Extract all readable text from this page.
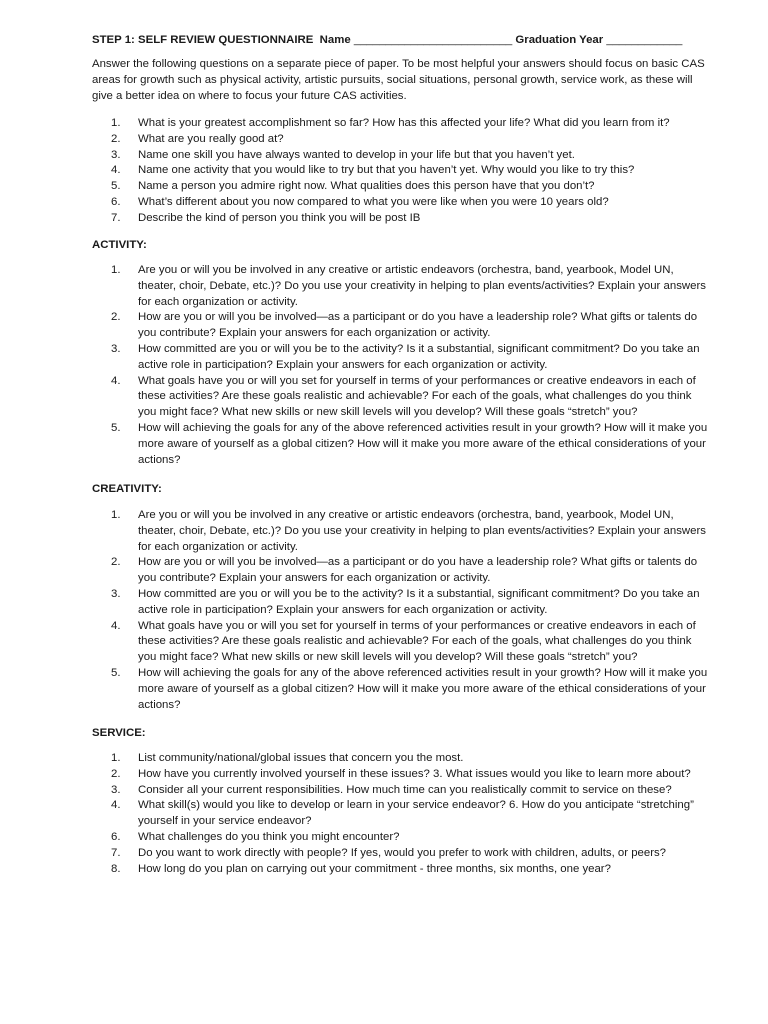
STEP 1: SELF REVIEW QUESTIONNAIRE Name _________________________ Graduation Year ____________
Answer the following questions on a separate piece of paper. To be most helpful your answers should focus on basic CAS areas for growth such as physical activity, artistic pursuits, social situations, personal growth, service work, as these will give a better idea on where to focus your future CAS activities.
1. What is your greatest accomplishment so far? How has this affected your life? What did you learn from it?
2. What are you really good at?
3. Name one skill you have always wanted to develop in your life but that you haven’t yet.
4. Name one activity that you would like to try but that you haven’t yet. Why would you like to try this?
5. Name a person you admire right now. What qualities does this person have that you don’t?
6. What’s different about you now compared to what you were like when you were 10 years old?
7. Describe the kind of person you think you will be post IB
ACTIVITY:
1. Are you or will you be involved in any creative or artistic endeavors (orchestra, band, yearbook, Model UN, theater, choir, Debate, etc.)? Do you use your creativity in helping to plan events/activities? Explain your answers for each organization or activity.
2. How are you or will you be involved—as a participant or do you have a leadership role? What gifts or talents do you contribute? Explain your answers for each organization or activity.
3. How committed are you or will you be to the activity? Is it a substantial, significant commitment? Do you take an active role in participation? Explain your answers for each organization or activity.
4. What goals have you or will you set for yourself in terms of your performances or creative endeavors in each of these activities? Are these goals realistic and achievable? For each of the goals, what challenges do you think you might face? What new skills or new skill levels will you develop? Will these goals “stretch” you?
5. How will achieving the goals for any of the above referenced activities result in your growth? How will it make you more aware of yourself as a global citizen? How will it make you more aware of the ethical considerations of your actions?
CREATIVITY:
1. Are you or will you be involved in any creative or artistic endeavors (orchestra, band, yearbook, Model UN, theater, choir, Debate, etc.)? Do you use your creativity in helping to plan events/activities? Explain your answers for each organization or activity.
2. How are you or will you be involved—as a participant or do you have a leadership role? What gifts or talents do you contribute? Explain your answers for each organization or activity.
3. How committed are you or will you be to the activity? Is it a substantial, significant commitment? Do you take an active role in participation? Explain your answers for each organization or activity.
4. What goals have you or will you set for yourself in terms of your performances or creative endeavors in each of these activities? Are these goals realistic and achievable? For each of the goals, what challenges do you think you might face? What new skills or new skill levels will you develop? Will these goals “stretch” you?
5. How will achieving the goals for any of the above referenced activities result in your growth? How will it make you more aware of yourself as a global citizen? How will it make you more aware of the ethical considerations of your actions?
SERVICE:
1. List community/national/global issues that concern you the most.
2. How have you currently involved yourself in these issues? 3. What issues would you like to learn more about?
3. Consider all your current responsibilities. How much time can you realistically commit to service on these?
4. What skill(s) would you like to develop or learn in your service endeavor? 6. How do you anticipate “stretching” yourself in your service endeavor?
6. What challenges do you think you might encounter?
7. Do you want to work directly with people? If yes, would you prefer to work with children, adults, or peers?
8. How long do you plan on carrying out your commitment - three months, six months, one year?
